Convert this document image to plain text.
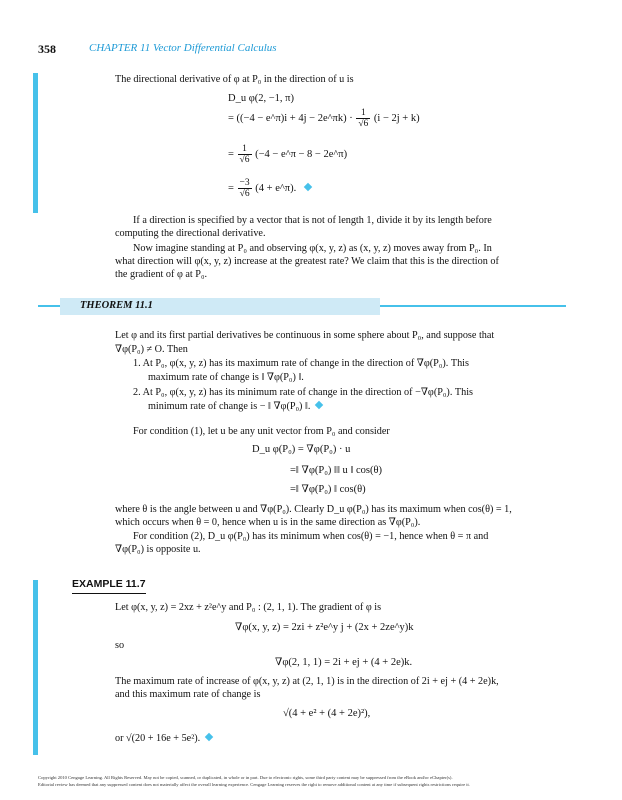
358	CHAPTER 11 Vector Differential Calculus
The directional derivative of φ at P₀ in the direction of u is
D_u φ(2, −1, π)
= ((−4 − e^π)i + 4j − 2e^πk) · $\frac{1}{√6} (i - 2j + k)$
= $\frac{1}{√6} (-4$ − e^π − 8 − 2e^π)
= $\frac{-3}{√6} (4$ + e^π).
If a direction is specified by a vector that is not of length 1, divide it by its length before
computing the directional derivative.
Now imagine standing at P₀ and observing φ(x, y, z) as (x, y, z) moves away from P₀. In
what direction will φ(x, y, z) increase at the greatest rate? We claim that this is the direction of
the gradient of φ at P₀.
THEOREM 11.1
Let φ and its first partial derivatives be continuous in some sphere about P₀, and suppose that
∇φ(P₀) ≠ O. Then
1. At P₀, φ(x, y, z) has its maximum rate of change in the direction of ∇φ(P₀). This
maximum rate of change is ‖ ∇φ(P₀) ‖.
2. At P₀, φ(x, y, z) has its minimum rate of change in the direction of −∇φ(P₀). This
minimum rate of change is − ‖ ∇φ(P₀) ‖.
For condition (1), let u be any unit vector from P₀ and consider
D_u φ(P₀) = ∇φ(P₀) · u
=‖ ∇φ(P₀) ‖‖ u ‖ cos(θ)
=‖ ∇φ(P₀) ‖ cos(θ)
where θ is the angle between u and ∇φ(P₀). Clearly D_u φ(P₀) has its maximum when cos(θ) = 1,
which occurs when θ = 0, hence when u is in the same direction as ∇φ(P₀).
For condition (2), D_u φ(P₀) has its minimum when cos(θ) = −1, hence when θ = π and
∇φ(P₀) is opposite u.
EXAMPLE 11.7
Let φ(x, y, z) = 2xz + z²e^y and P₀ : (2, 1, 1). The gradient of φ is
∇φ(x, y, z) = 2zi + z²e^y j + (2x + 2ze^y)k
so
∇φ(2, 1, 1) = 2i + ej + (4 + 2e)k.
The maximum rate of increase of φ(x, y, z) at (2, 1, 1) is in the direction of 2i + ej + (4 + 2e)k,
and this maximum rate of change is
√(4 + e² + (4 + 2e)²),
or √(20 + 16e + 5e²).
Copyright 2010 Cengage Learning. All Rights Reserved. May not be copied, scanned, or duplicated, in whole or in part. Due to electronic rights, some third party content may be suppressed from the eBook and/or eChapter(s).
Editorial review has deemed that any suppressed content does not materially affect the overall learning experience. Cengage Learning reserves the right to remove additional content at any time if subsequent rights restrictions require it.
